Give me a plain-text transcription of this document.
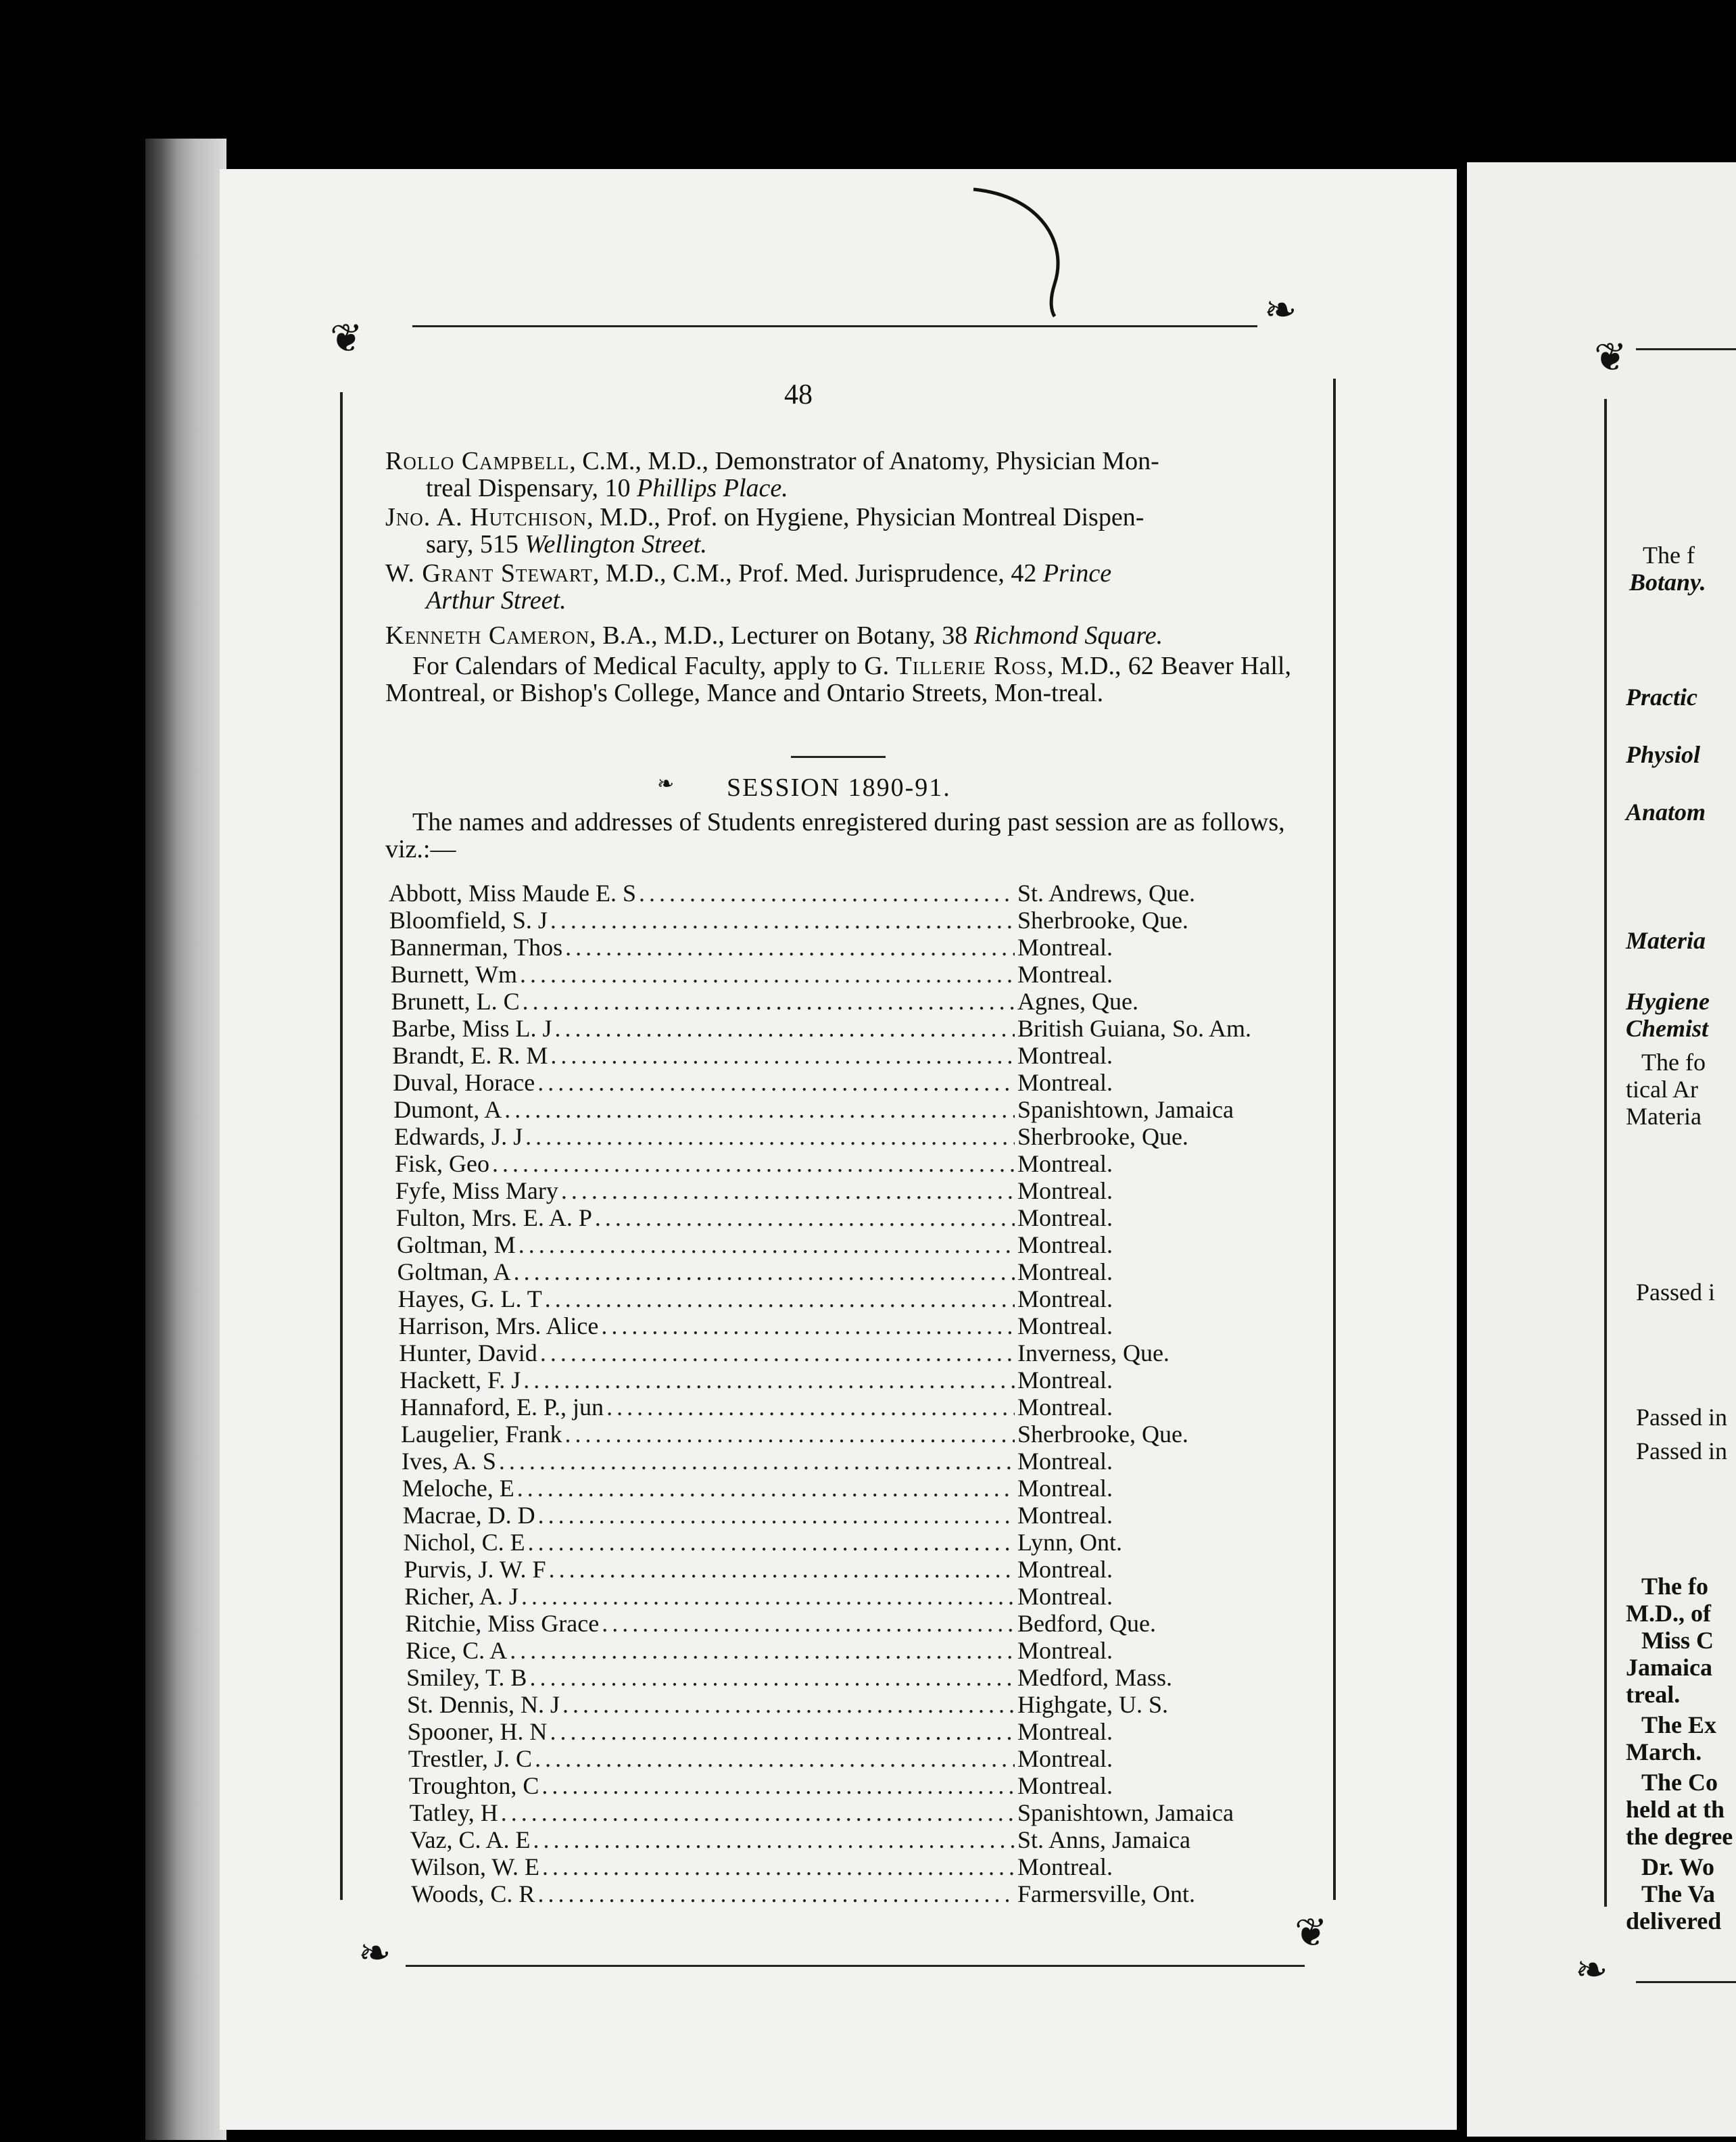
❦
❧
❧	❦
48
Rollo Campbell, C.M., M.D., Demonstrator of Anatomy, Physician Mon-
treal Dispensary, 10 Phillips Place.
Jno. A. Hutchison, M.D., Prof. on Hygiene, Physician Montreal Dispen-
sary, 515 Wellington Street.
W. Grant Stewart, M.D., C.M., Prof. Med. Jurisprudence, 42 Prince
Arthur Street.
Kenneth Cameron, B.A., M.D., Lecturer on Botany, 38 Richmond Square.
For Calendars of Medical Faculty, apply to G. Tillerie Ross, M.D., 62 Beaver Hall, Montreal, or Bishop's College, Mance and Ontario Streets, Mon-treal.
❧ SESSION 1890-91.
The names and addresses of Students enregistered during past session are as follows, viz.:—
Abbott, Miss Maude E. S .....	St. Andrews, Que.
Bloomfield, S. J .....	Sherbrooke, Que.
Bannerman, Thos .....	Montreal.
Burnett, Wm .....	Montreal.
Brunett, L. C .....	Agnes, Que.
Barbe, Miss L. J .....	British Guiana, So. Am.
Brandt, E. R. M .....	Montreal.
Duval, Horace .....	Montreal.
Dumont, A .....	Spanishtown, Jamaica
Edwards, J. J .....	Sherbrooke, Que.
Fisk, Geo .....	Montreal.
Fyfe, Miss Mary .....	Montreal.
Fulton, Mrs. E. A. P .....	Montreal.
Goltman, M .....	Montreal.
Goltman, A .....	Montreal.
Hayes, G. L. T .....	Montreal.
Harrison, Mrs. Alice .....	Montreal.
Hunter, David .....	Inverness, Que.
Hackett, F. J .....	Montreal.
Hannaford, E. P., jun .....	Montreal.
Laugelier, Frank .....	Sherbrooke, Que.
Ives, A. S .....	Montreal.
Meloche, E .....	Montreal.
Macrae, D. D .....	Montreal.
Nichol, C. E .....	Lynn, Ont.
Purvis, J. W. F .....	Montreal.
Richer, A. J .....	Montreal.
Ritchie, Miss Grace .....	Bedford, Que.
Rice, C. A .....	Montreal.
Smiley, T. B .....	Medford, Mass.
St. Dennis, N. J .....	Highgate, U. S.
Spooner, H. N .....	Montreal.
Trestler, J. C .....	Montreal.
Troughton, C .....	Montreal.
Tatley, H .....	Spanishtown, Jamaica
Vaz, C. A. E .....	St. Anns, Jamaica
Wilson, W. E .....	Montreal.
Woods, C. R .....	Farmersville, Ont.
❦
❧
The f
Botany.
Practic
Physiol
Anatom
Materia
Hygiene
Chemist
The fo
tical Ar
Materia
Passed i
Passed in
Passed in
The fo
M.D., of
Miss C
Jamaica
treal.
The Ex
March.
The Co
held at th
the degree
Dr. Wo
The Va
delivered
